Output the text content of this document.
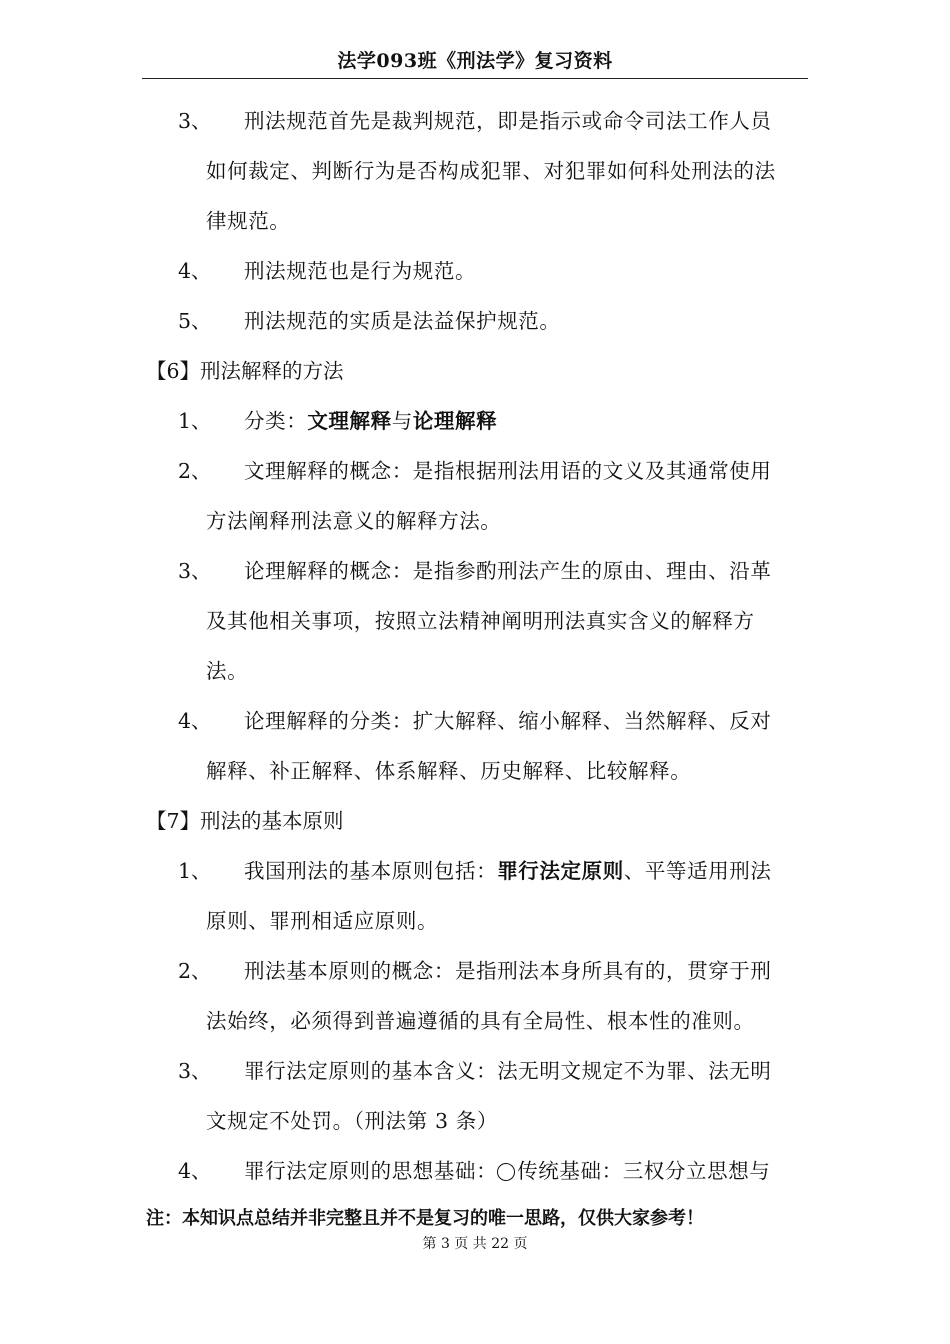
法学093班《刑法学》复习资料
3、 刑法规范首先是裁判规范，即是指示或命令司法工作人员
如何裁定、判断行为是否构成犯罪、对犯罪如何科处刑法的法
律规范。
4、 刑法规范也是行为规范。
5、 刑法规范的实质是法益保护规范。
【6】刑法解释的方法
1、 分类：文理解释与论理解释
2、 文理解释的概念：是指根据刑法用语的文义及其通常使用
方法阐释刑法意义的解释方法。
3、 论理解释的概念：是指参酌刑法产生的原由、理由、沿革
及其他相关事项，按照立法精神阐明刑法真实含义的解释方
法。
4、 论理解释的分类：扩大解释、缩小解释、当然解释、反对
解释、补正解释、体系解释、历史解释、比较解释。
【7】刑法的基本原则
1、 我国刑法的基本原则包括：罪行法定原则、平等适用刑法
原则、罪刑相适应原则。
2、 刑法基本原则的概念：是指刑法本身所具有的，贯穿于刑
法始终，必须得到普遍遵循的具有全局性、根本性的准则。
3、 罪行法定原则的基本含义：法无明文规定不为罪、法无明
文规定不处罚。（刑法第 3 条）
4、 罪行法定原则的思想基础： 传统基础：三权分立思想与
注：本知识点总结并非完整且并不是复习的唯一思路，仅供大家参考！
第 3 页 共 22 页
